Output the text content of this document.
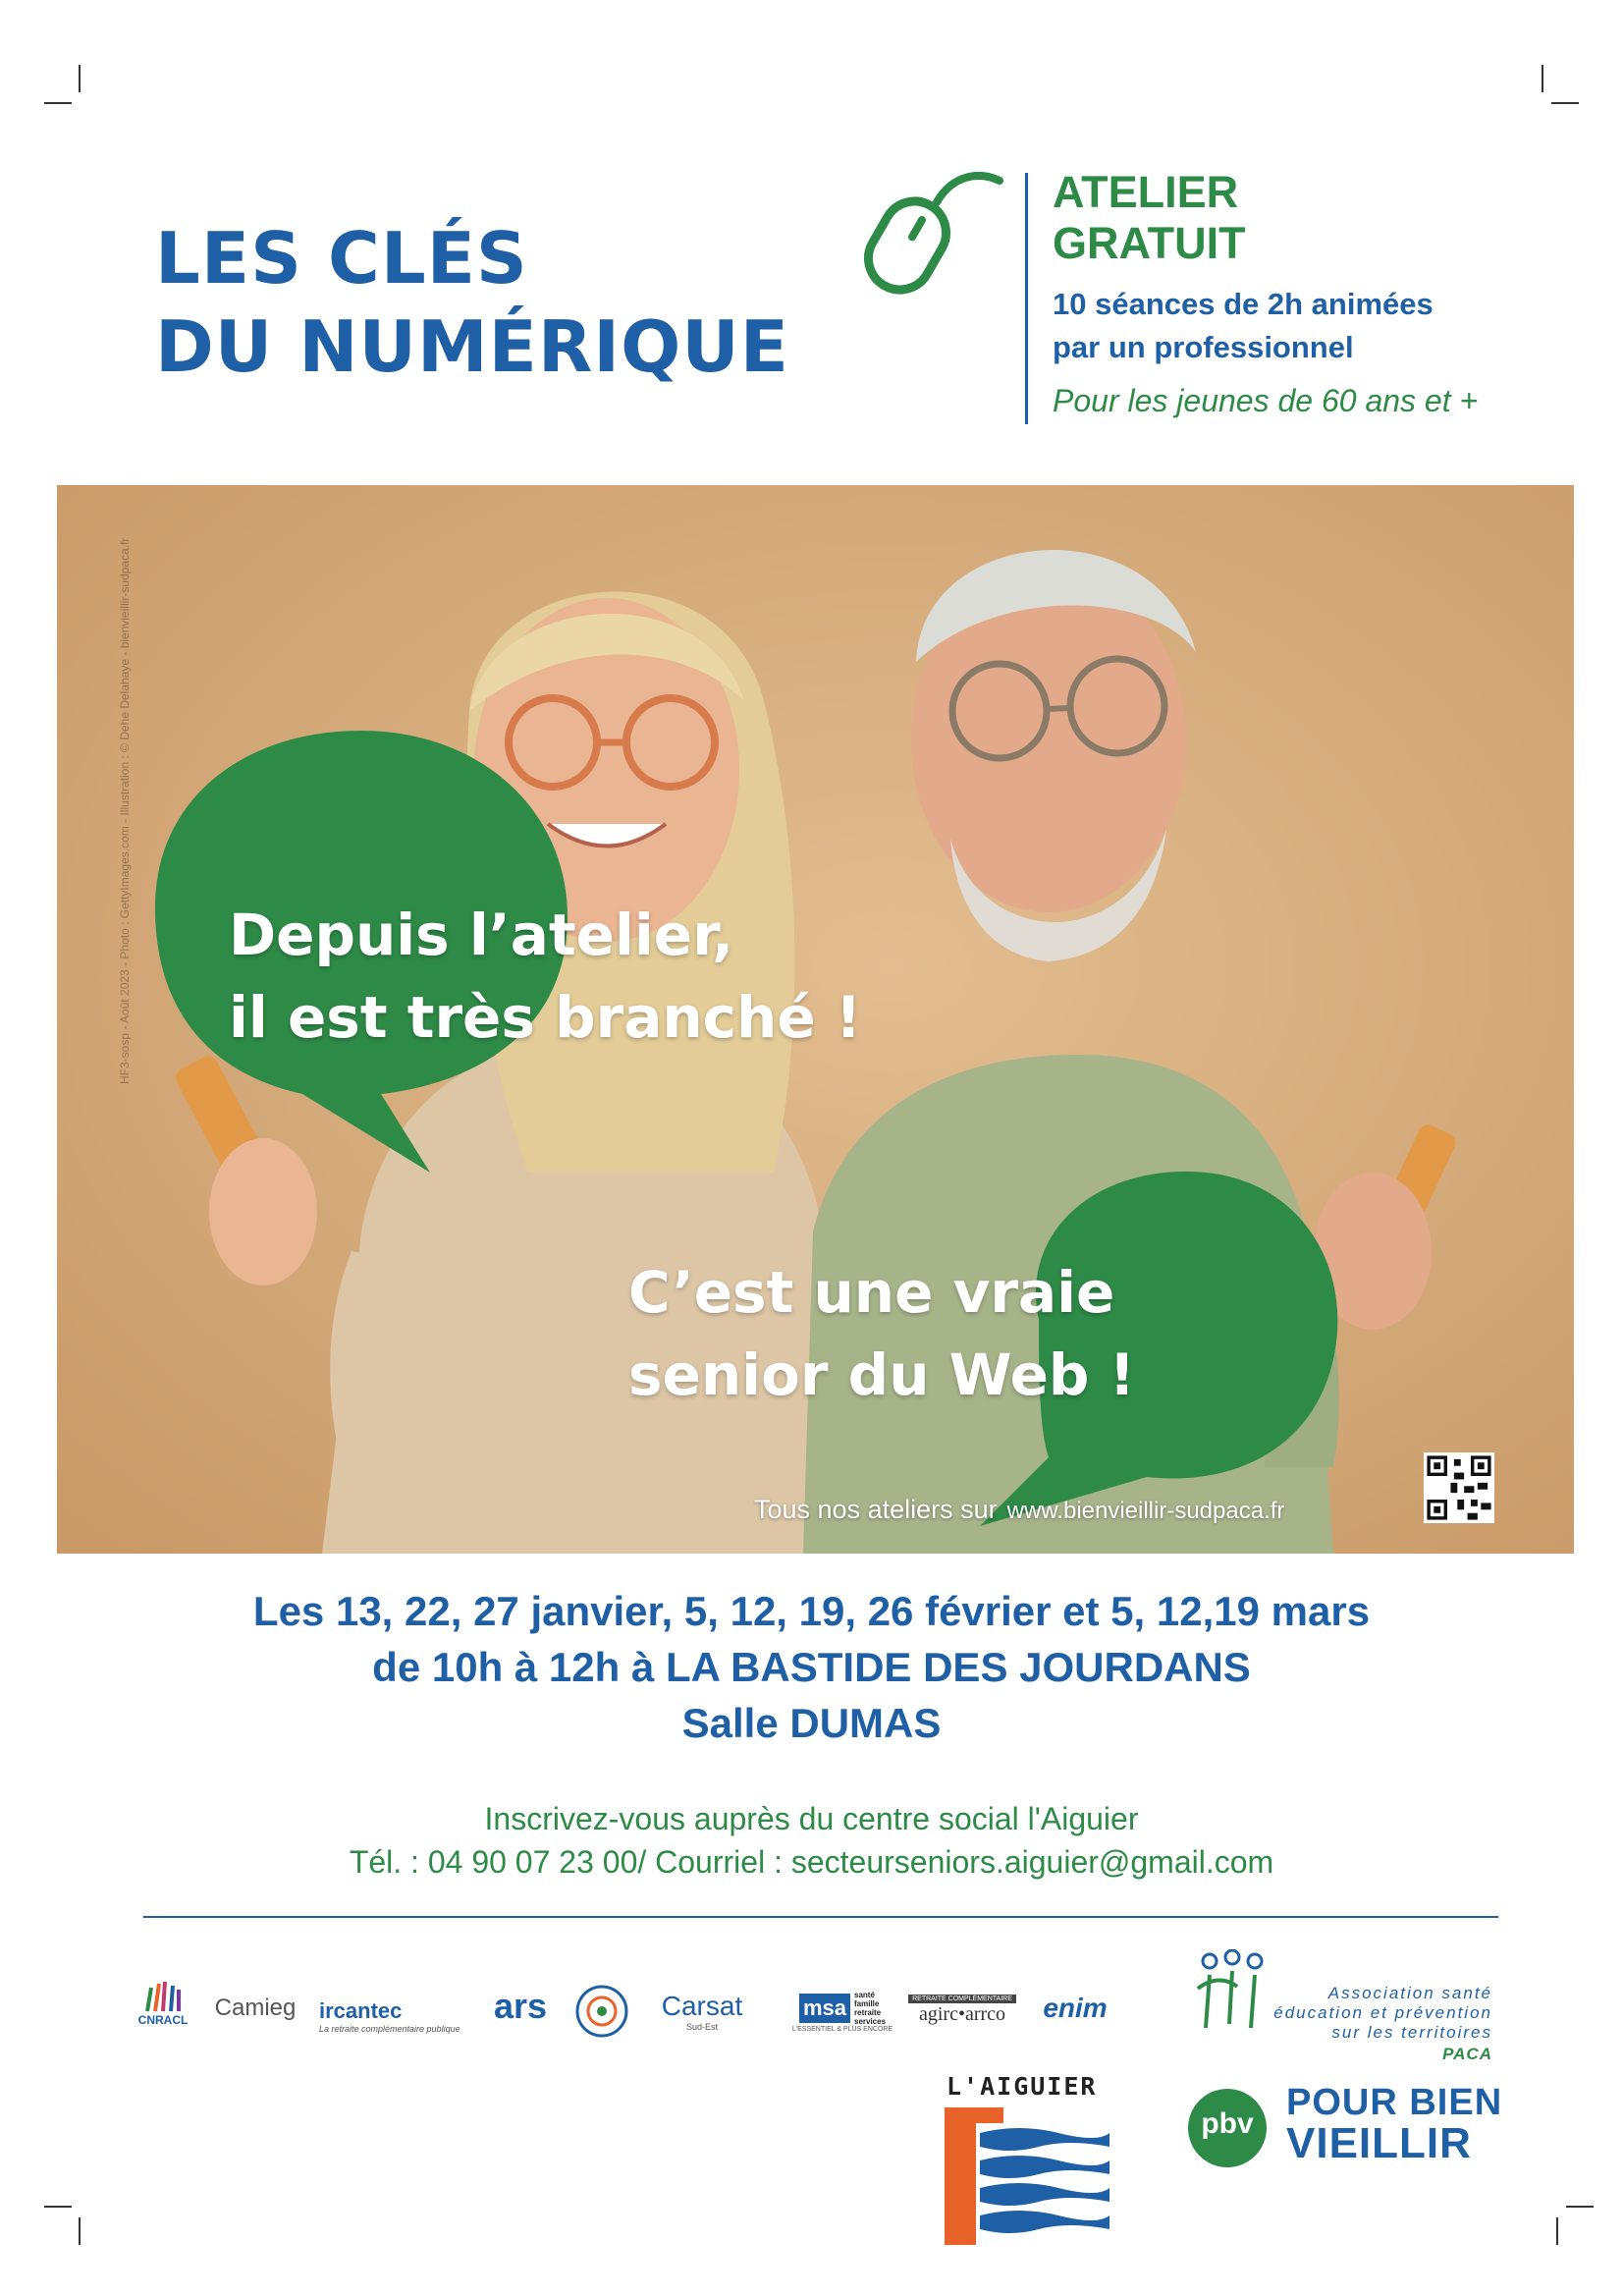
LES CLÉS
DU NUMÉRIQUE
ATELIER
GRATUIT
10 séances de 2h animées
par un professionnel
Pour les jeunes de 60 ans et +
Depuis l’atelier,
il est très branché !
C’est une vraie
senior du Web !
Tous nos ateliers sur www.bienvieillir-sudpaca.fr
HF3-sosp - Août 2023 - Photo : GettyImages.com - Illustration : © Dehe Delahaye - bienvieillir-sudpaca.fr
Les 13, 22, 27 janvier, 5, 12, 19, 26 février et 5, 12,19 mars
de 10h à 12h à LA BASTIDE DES JOURDANS
Salle DUMAS
Inscrivez-vous auprès du centre social l'Aiguier
Tél. : 04 90 07 23 00/ Courriel : secteurseniors.aiguier@gmail.com
CNRACL Camieg ircantec
La retraite complémentaire publique
ars	Carsat
Sud-Est
msa
santé
famille
retraite
services
L'ESSENTIEL & PLUS ENCORE
RETRAITE COMPLÉMENTAIRE
agirc•arrco enim	Association santé
éducation et prévention
sur les territoires
PACA
L'AIGUIER
pbv
POUR BIEN
VIEILLIR
